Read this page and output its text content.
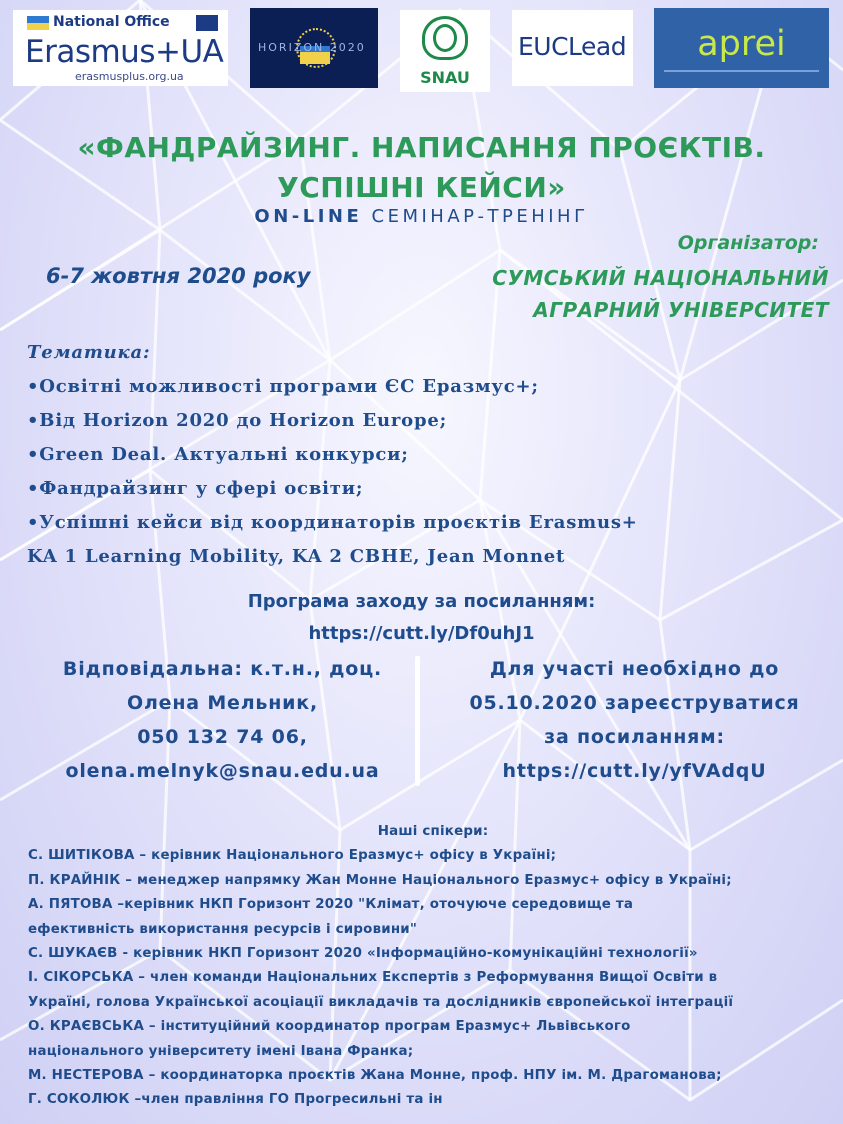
National Office
Erasmus+UA
erasmusplus.org.ua
HORIZON 2020
SNAU
EUCLead	aprei
«ФАНДРАЙЗИНГ. НАПИСАННЯ ПРОЄКТІВ.
УСПІШНІ КЕЙСИ»
ON-LINE СЕМІНАР-ТРЕНІНГ
Організатор:
6-7 жовтня 2020 року	СУМСЬКИЙ НАЦІОНАЛЬНИЙ
АГРАРНИЙ УНІВЕРСИТЕТ
Тематика:
•Освітні можливості програми ЄС Еразмус+;
•Від Horizon 2020 до Horizon Europe;
•Green Deal. Актуальні конкурси;
•Фандрайзинг у сфері освіти;
•Успішні кейси від координаторів проєктів Erasmus+
KA 1 Learning Mobility, KA 2 CBHE, Jean Monnet
Програма заходу за посиланням:
https://cutt.ly/Df0uhJ1
Відповідальна: к.т.н., доц.
Олена Мельник,
050 132 74 06,
olena.melnyk@snau.edu.ua
Для участі необхідно до
05.10.2020 зареєструватися
за посиланням:
https://cutt.ly/yfVAdqU
Наші спікери:
С. ШИТІКОВА – керівник Національного Еразмус+ офісу в Україні;
П. КРАЙНІК – менеджер напрямку Жан Монне Національного Еразмус+ офісу в Україні;
А. ПЯТОВА –керівник НКП Горизонт 2020 "Клімат, оточуюче середовище та
ефективність використання ресурсів і сировини"
С. ШУКАЄВ - керівник НКП Горизонт 2020 «Інформаційно-комунікаційні технології»
І. СІКОРСЬКА – член команди Національних Експертів з Реформування Вищої Освіти в
Україні, голова Української асоціації викладачів та дослідників європейської інтеграції
О. КРАЄВСЬКА – інституційний координатор програм Еразмус+ Львівського
національного університету імені Івана Франка;
М. НЕСТЕРОВА – координаторка проєктів Жана Монне, проф. НПУ ім. М. Драгоманова;
Г. СОКОЛЮК –член правління ГО Прогресильні та ін
